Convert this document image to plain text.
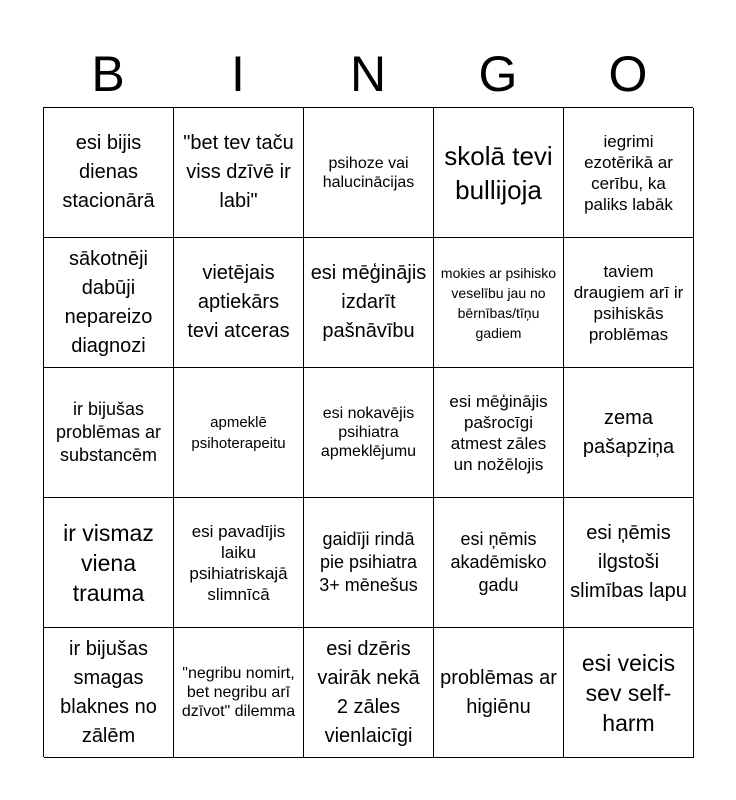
B	I	N	G	O
esi bijis dienas stacionārā
"bet tev taču viss dzīvē ir labi"
psihoze vai halucinācijas
skolā tevi bullijoja
iegrimi ezotērikā ar cerību, ka paliks labāk
sākotnēji dabūji nepareizo diagnozi
vietējais aptiekārs tevi atceras
esi mēģinājis izdarīt pašnāvību
mokies ar psihisko veselību jau no bērnības/tīņu gadiem
taviem draugiem arī ir psihiskās problēmas
ir bijušas problēmas ar substancēm
apmeklē psihoterapeitu
esi nokavējis psihiatra apmeklējumu
esi mēģinājis pašrocīgi atmest zāles un nožēlojis
zema pašapziņa
ir vismaz viena trauma
esi pavadījis laiku psihiatriskajā slimnīcā
gaidīji rindā pie psihiatra 3+ mēnešus
esi ņēmis akadēmisko gadu
esi ņēmis ilgstoši slimības lapu
ir bijušas smagas blaknes no zālēm
"negribu nomirt, bet negribu arī dzīvot" dilemma
esi dzēris vairāk nekā 2 zāles vienlaicīgi
problēmas ar higiēnu
esi veicis sev self-harm
